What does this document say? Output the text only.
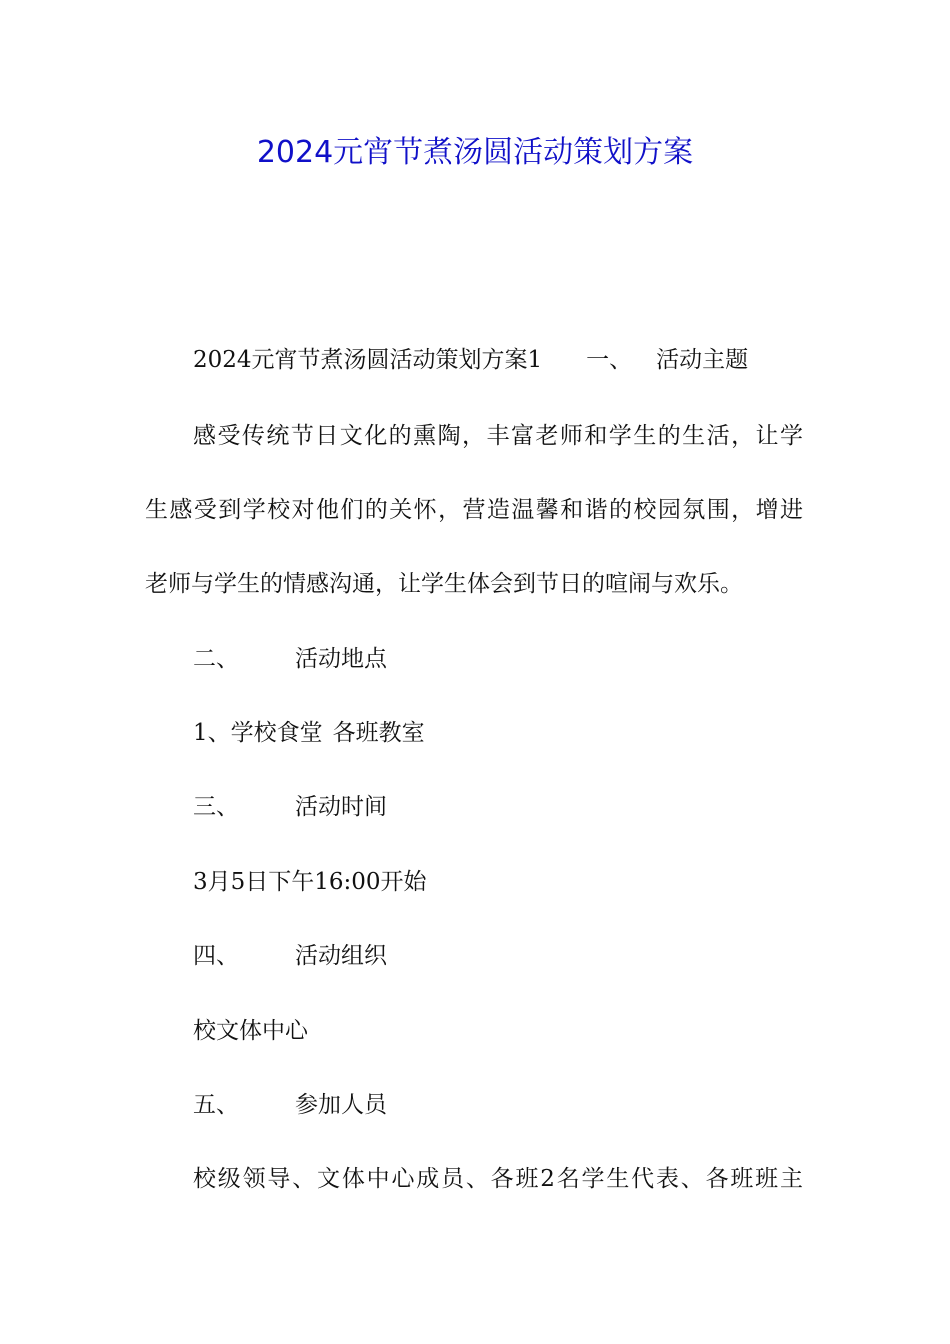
2024元宵节煮汤圆活动策划方案

2024元宵节煮汤圆活动策划方案1 一、 活动主题

感受传统节日文化的熏陶，丰富老师和学生的生活，让学

生感受到学校对他们的关怀，营造温馨和谐的校园氛围，增进

老师与学生的情感沟通，让学生体会到节日的喧闹与欢乐。

二、 活动地点

1、学校食堂 各班教室

三、 活动时间

3月5日下午16:00开始

四、 活动组织

校文体中心

五、 参加人员

校级领导、文体中心成员、各班2名学生代表、各班班主
